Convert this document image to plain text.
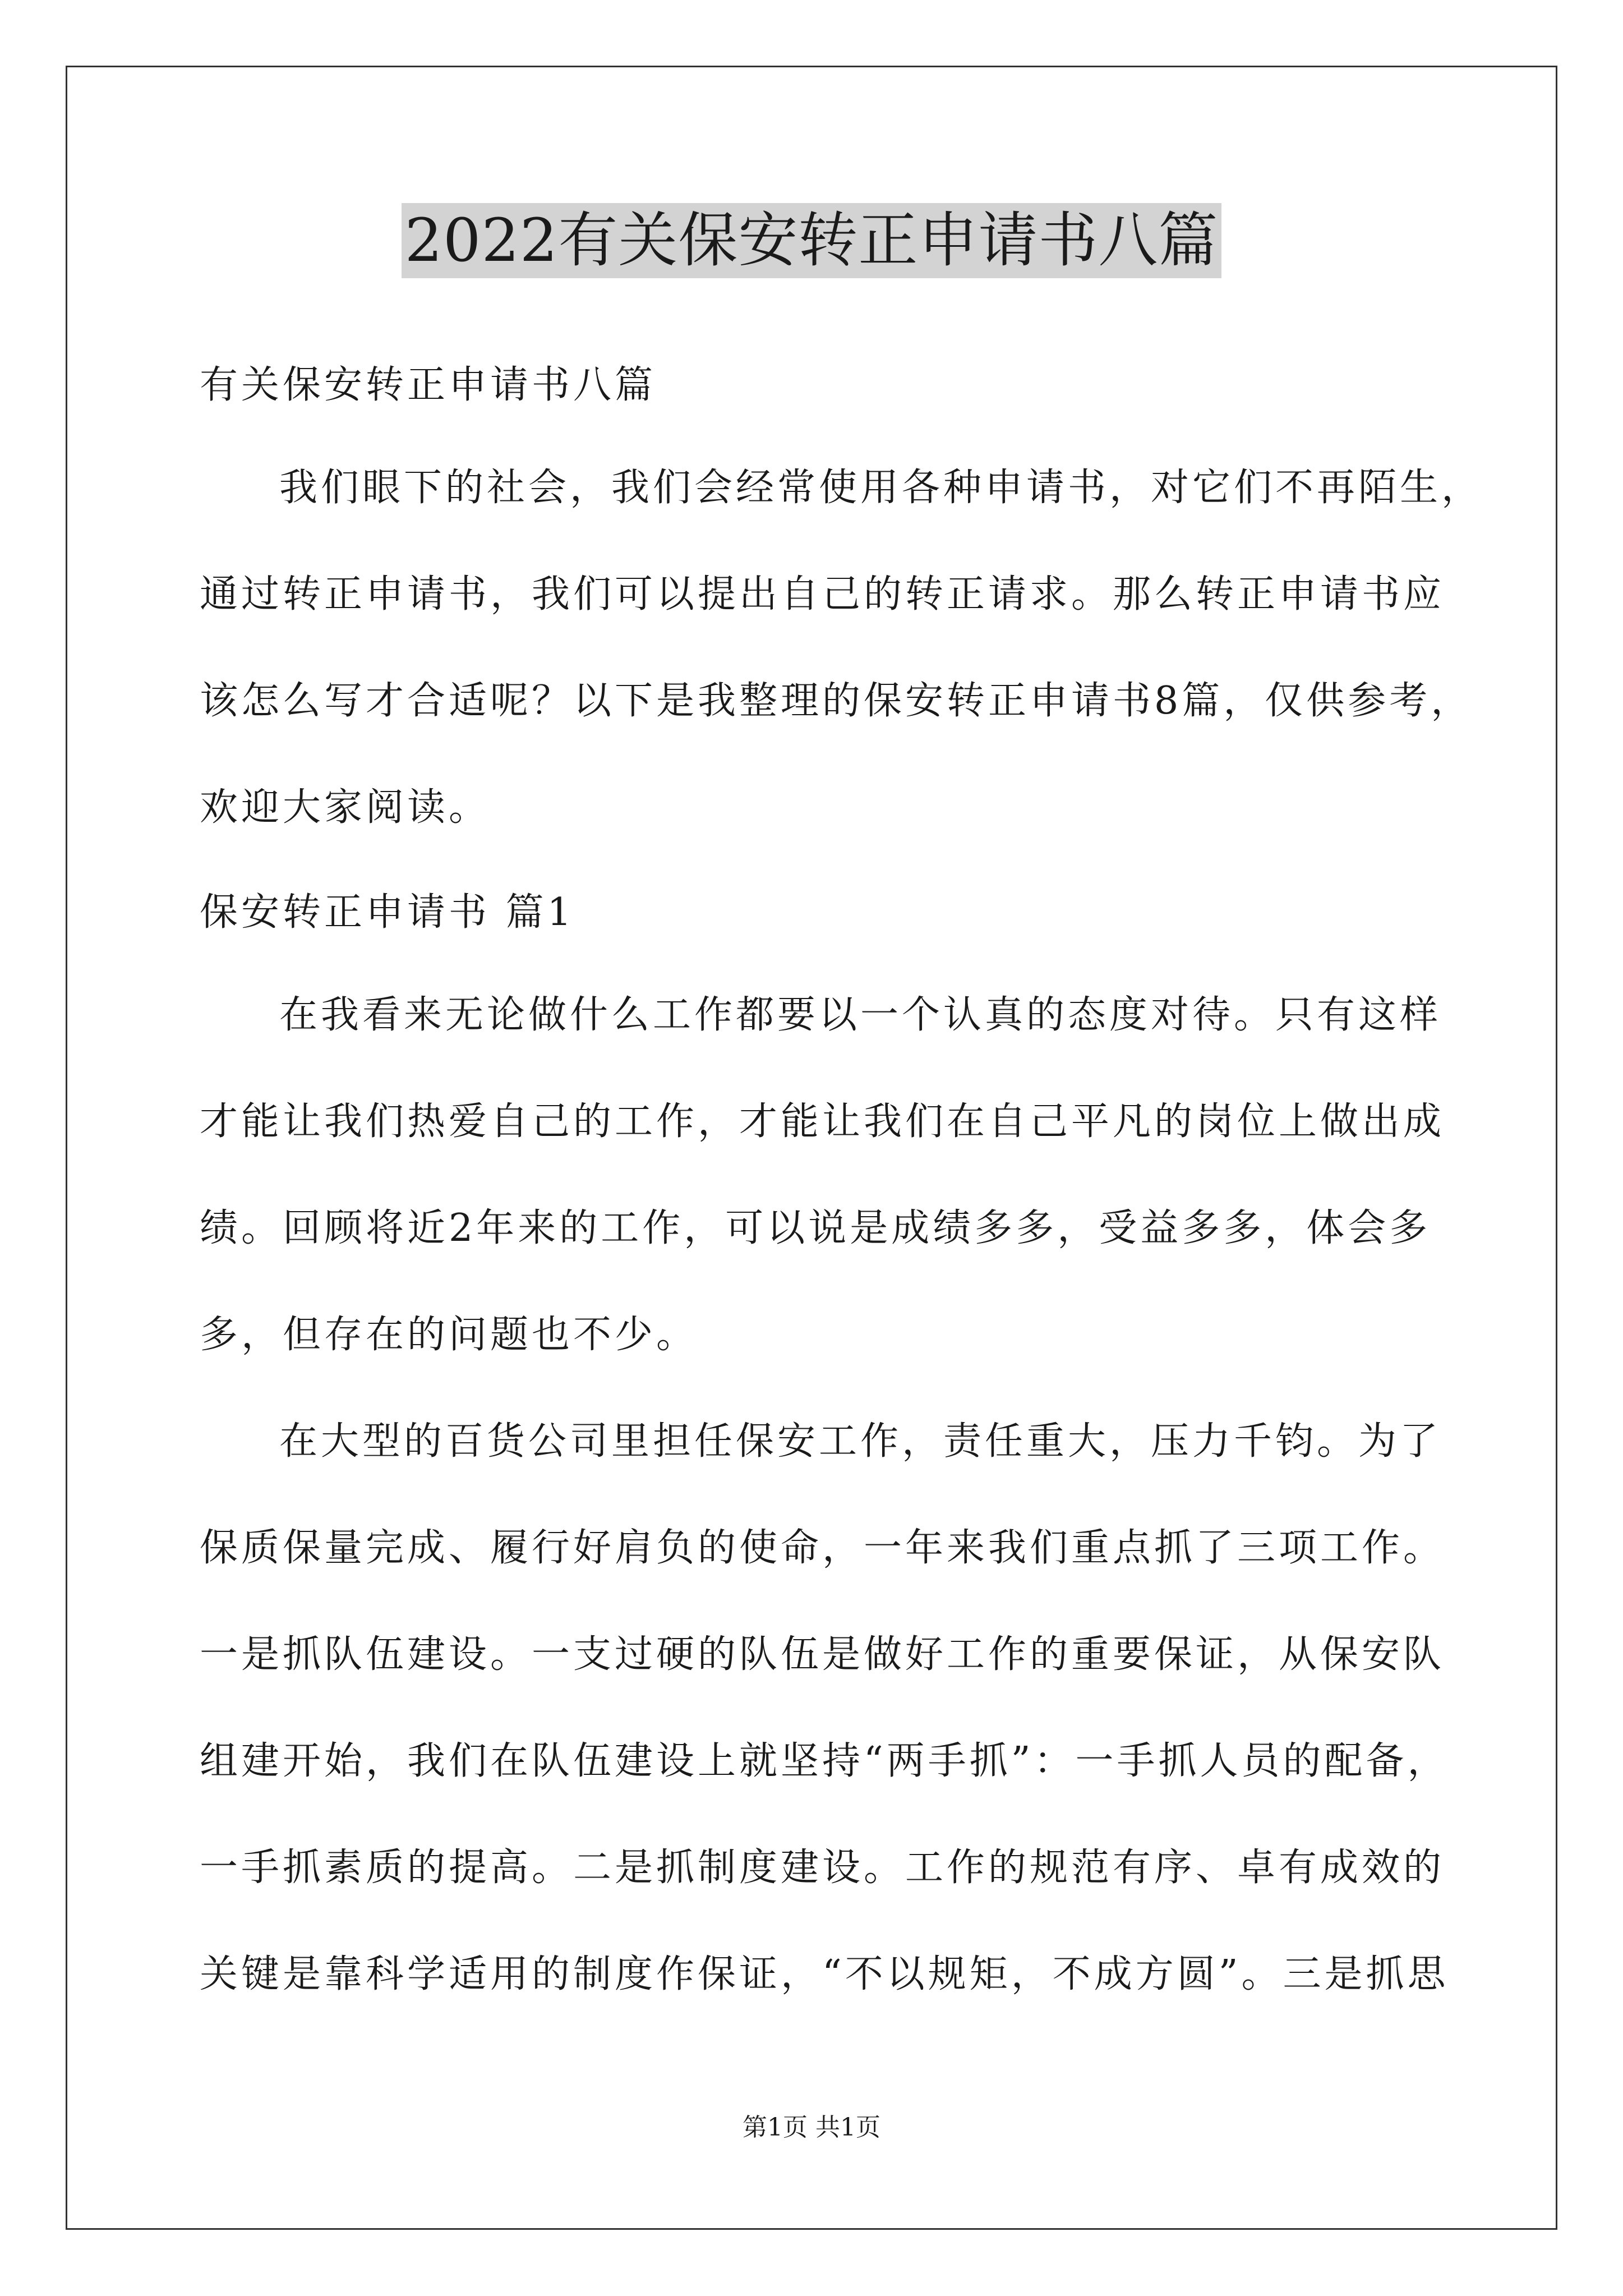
2022有关保安转正申请书八篇
有关保安转正申请书八篇
我们眼下的社会，我们会经常使用各种申请书，对它们不再陌生，
通过转正申请书，我们可以提出自己的转正请求。那么转正申请书应
该怎么写才合适呢？以下是我整理的保安转正申请书8篇，仅供参考，
欢迎大家阅读。
保安转正申请书 篇1
在我看来无论做什么工作都要以一个认真的态度对待。只有这样
才能让我们热爱自己的工作，才能让我们在自己平凡的岗位上做出成
绩。回顾将近2年来的工作，可以说是成绩多多，受益多多，体会多
多，但存在的问题也不少。
在大型的百货公司里担任保安工作，责任重大，压力千钧。为了
保质保量完成、履行好肩负的使命，一年来我们重点抓了三项工作。
一是抓队伍建设。一支过硬的队伍是做好工作的重要保证，从保安队
组建开始，我们在队伍建设上就坚持“两手抓”：一手抓人员的配备，
一手抓素质的提高。二是抓制度建设。工作的规范有序、卓有成效的
关键是靠科学适用的制度作保证，“不以规矩，不成方圆”。三是抓思
第1页 共1页
